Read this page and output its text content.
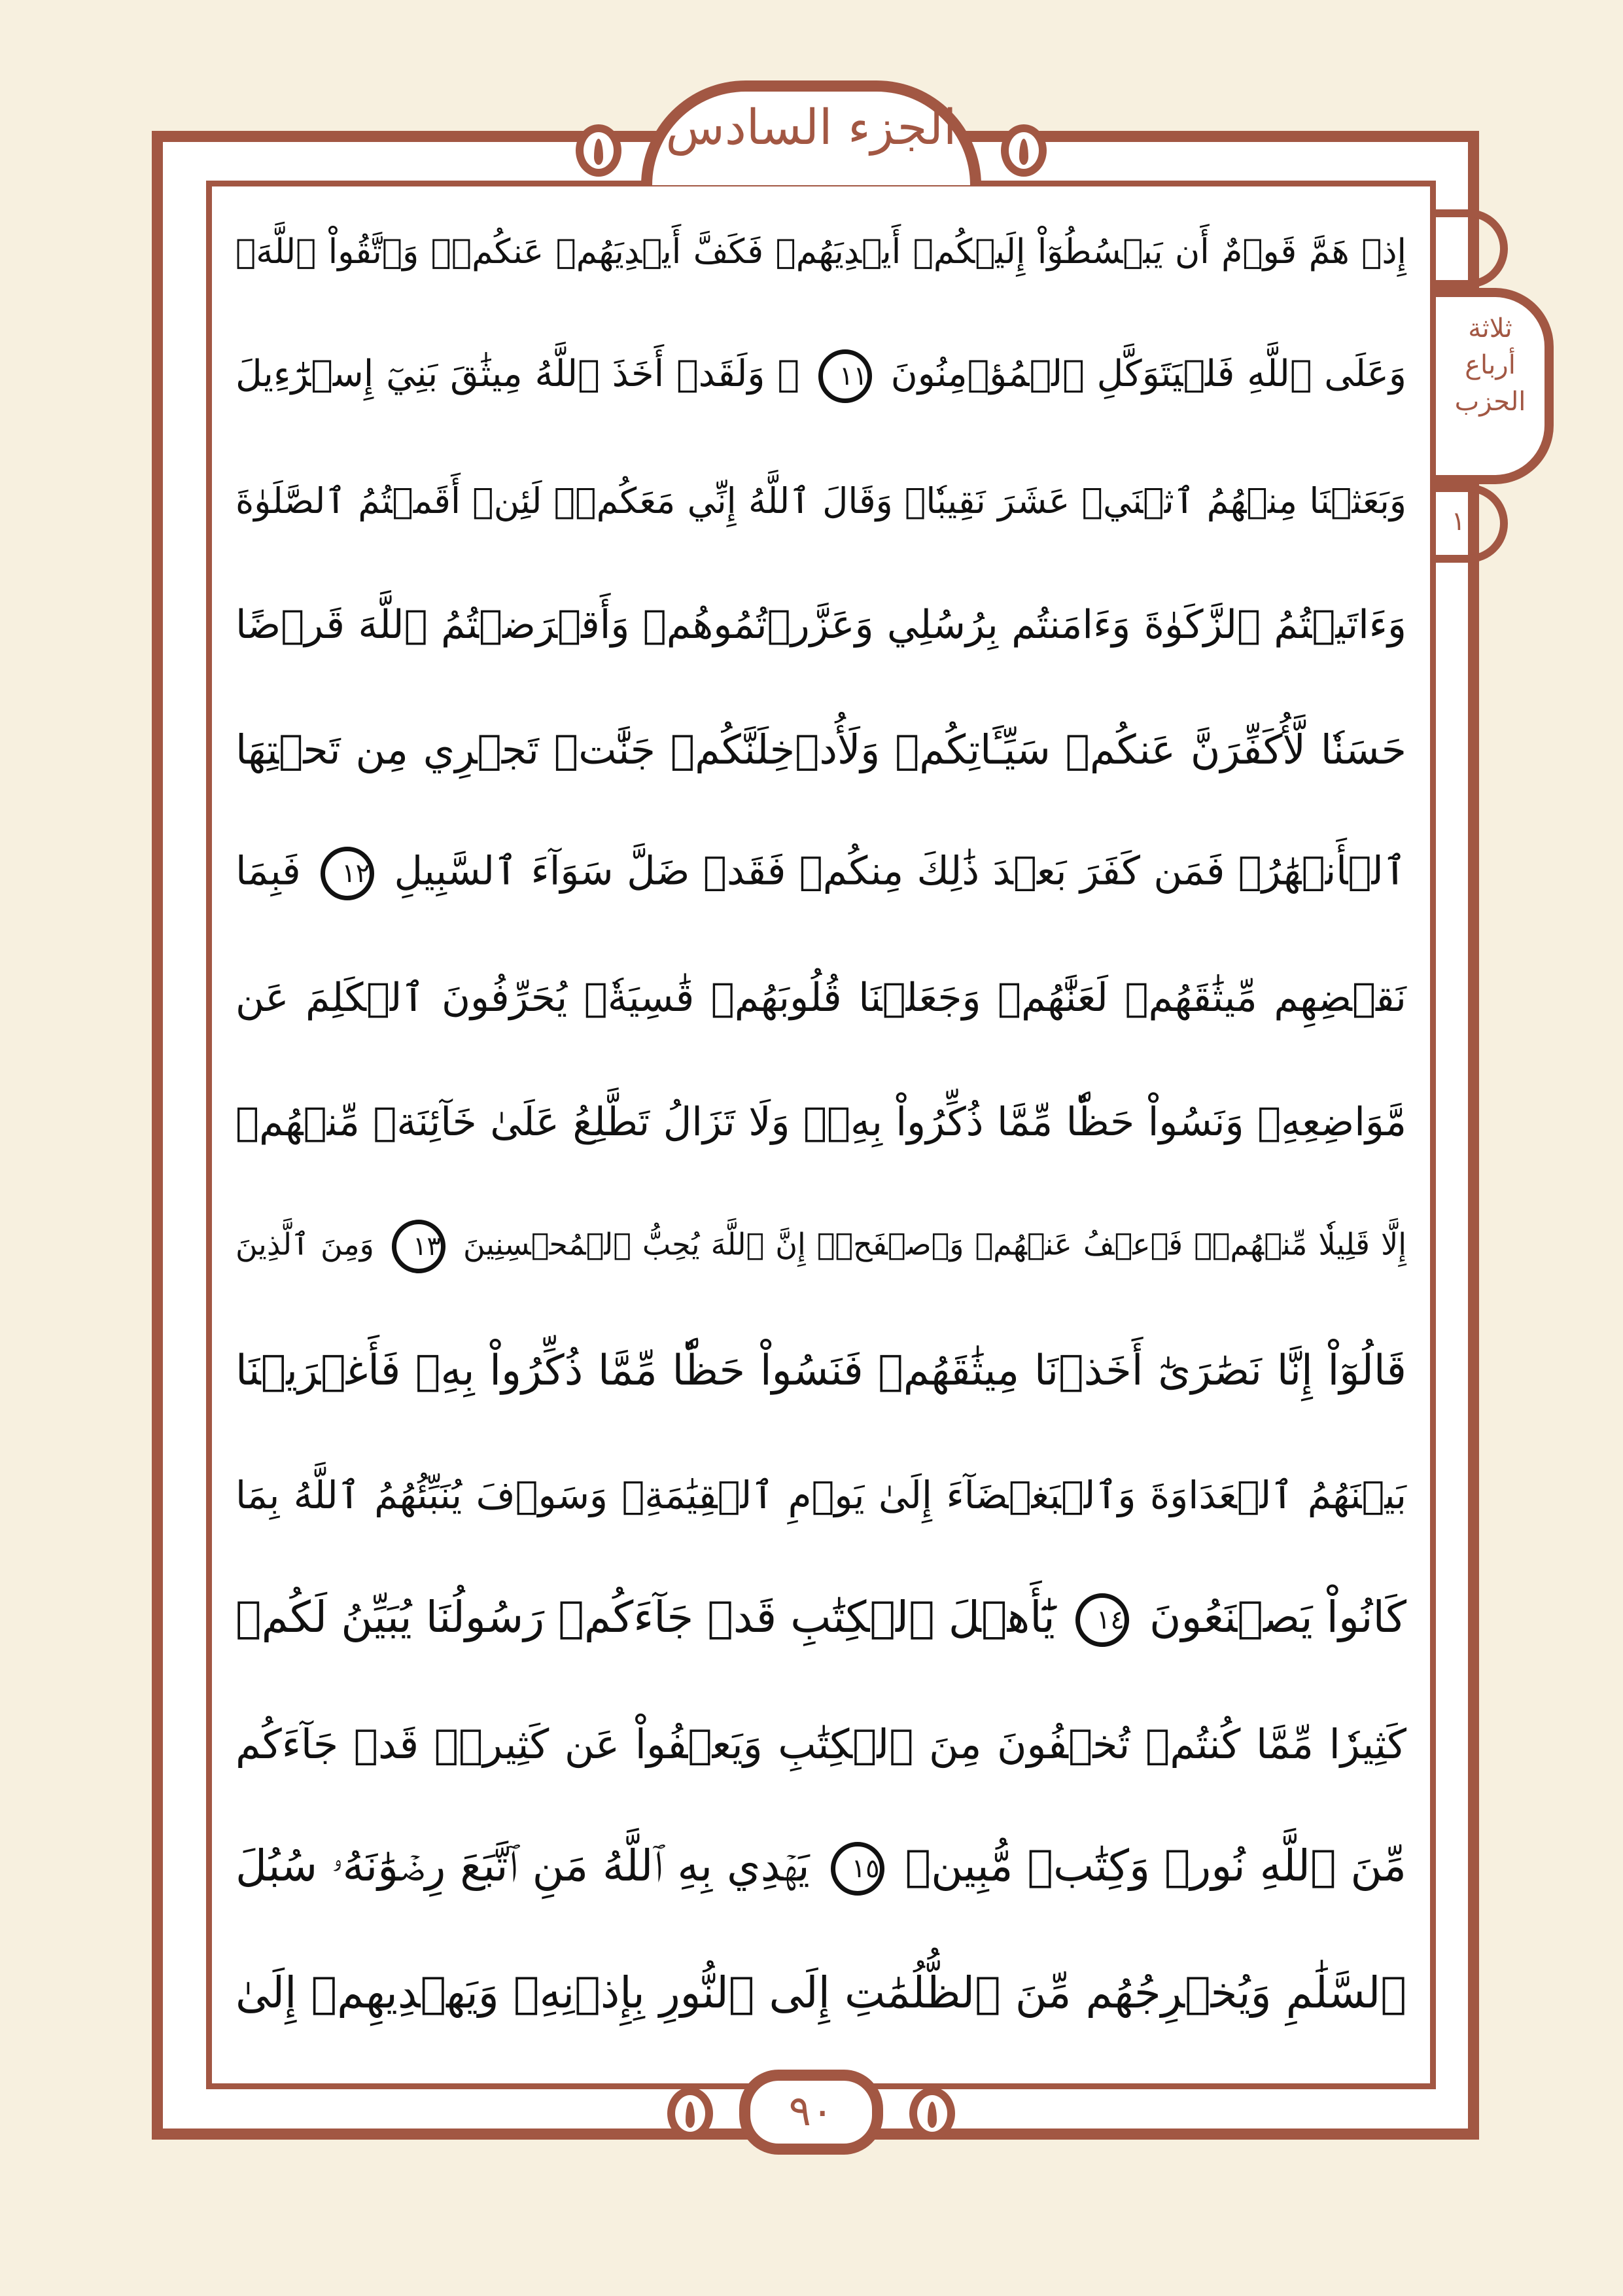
الجزء السادس
ثلاثة أرباع الحزب
١١
إِذۡ هَمَّ قَوۡمٌ أَن يَبۡسُطُوٓاْ إِلَيۡكُمۡ أَيۡدِيَهُمۡ فَكَفَّ أَيۡدِيَهُمۡ عَنكُمۡۖ وَٱتَّقُواْ ٱللَّهَۚ
وَعَلَى ٱللَّهِ فَلۡيَتَوَكَّلِ ٱلۡمُؤۡمِنُونَ ١١ ۞ وَلَقَدۡ أَخَذَ ٱللَّهُ مِيثَٰقَ بَنِيٓ إِسۡرَٰٓءِيلَ
وَبَعَثۡنَا مِنۡهُمُ ٱثۡنَيۡ عَشَرَ نَقِيبٗاۖ وَقَالَ ٱللَّهُ إِنِّي مَعَكُمۡۖ لَئِنۡ أَقَمۡتُمُ ٱلصَّلَوٰةَ
وَءَاتَيۡتُمُ ٱلزَّكَوٰةَ وَءَامَنتُم بِرُسُلِي وَعَزَّرۡتُمُوهُمۡ وَأَقۡرَضۡتُمُ ٱللَّهَ قَرۡضًا
حَسَنٗا لَّأُكَفِّرَنَّ عَنكُمۡ سَيِّـَٔاتِكُمۡ وَلَأُدۡخِلَنَّكُمۡ جَنَّٰتٖ تَجۡرِي مِن تَحۡتِهَا
ٱلۡأَنۡهَٰرُۚ فَمَن كَفَرَ بَعۡدَ ذَٰلِكَ مِنكُمۡ فَقَدۡ ضَلَّ سَوَآءَ ٱلسَّبِيلِ ١٢ فَبِمَا
نَقۡضِهِم مِّيثَٰقَهُمۡ لَعَنَّٰهُمۡ وَجَعَلۡنَا قُلُوبَهُمۡ قَٰسِيَةٗۖ يُحَرِّفُونَ ٱلۡكَلِمَ عَن
مَّوَاضِعِهِۦ وَنَسُواْ حَظّٗا مِّمَّا ذُكِّرُواْ بِهِۦۚ وَلَا تَزَالُ تَطَّلِعُ عَلَىٰ خَآئِنَةٖ مِّنۡهُمۡ
إِلَّا قَلِيلٗا مِّنۡهُمۡۖ فَٱعۡفُ عَنۡهُمۡ وَٱصۡفَحۡۚ إِنَّ ٱللَّهَ يُحِبُّ ٱلۡمُحۡسِنِينَ ١٣ وَمِنَ ٱلَّذِينَ
قَالُوٓاْ إِنَّا نَصَٰرَىٰٓ أَخَذۡنَا مِيثَٰقَهُمۡ فَنَسُواْ حَظّٗا مِّمَّا ذُكِّرُواْ بِهِۦ فَأَغۡرَيۡنَا
بَيۡنَهُمُ ٱلۡعَدَاوَةَ وَٱلۡبَغۡضَآءَ إِلَىٰ يَوۡمِ ٱلۡقِيَٰمَةِۚ وَسَوۡفَ يُنَبِّئُهُمُ ٱللَّهُ بِمَا
كَانُواْ يَصۡنَعُونَ ١٤ يَٰٓأَهۡلَ ٱلۡكِتَٰبِ قَدۡ جَآءَكُمۡ رَسُولُنَا يُبَيِّنُ لَكُمۡ
كَثِيرٗا مِّمَّا كُنتُمۡ تُخۡفُونَ مِنَ ٱلۡكِتَٰبِ وَيَعۡفُواْ عَن كَثِيرٖۚ قَدۡ جَآءَكُم
مِّنَ ٱللَّهِ نُورٞ وَكِتَٰبٞ مُّبِينٞ ١٥ يَهۡدِي بِهِ ٱللَّهُ مَنِ ٱتَّبَعَ رِضۡوَٰنَهُۥ سُبُلَ
ٱلسَّلَٰمِ وَيُخۡرِجُهُم مِّنَ ٱلظُّلُمَٰتِ إِلَى ٱلنُّورِ بِإِذۡنِهِۦ وَيَهۡدِيهِمۡ إِلَىٰ
٩٠
